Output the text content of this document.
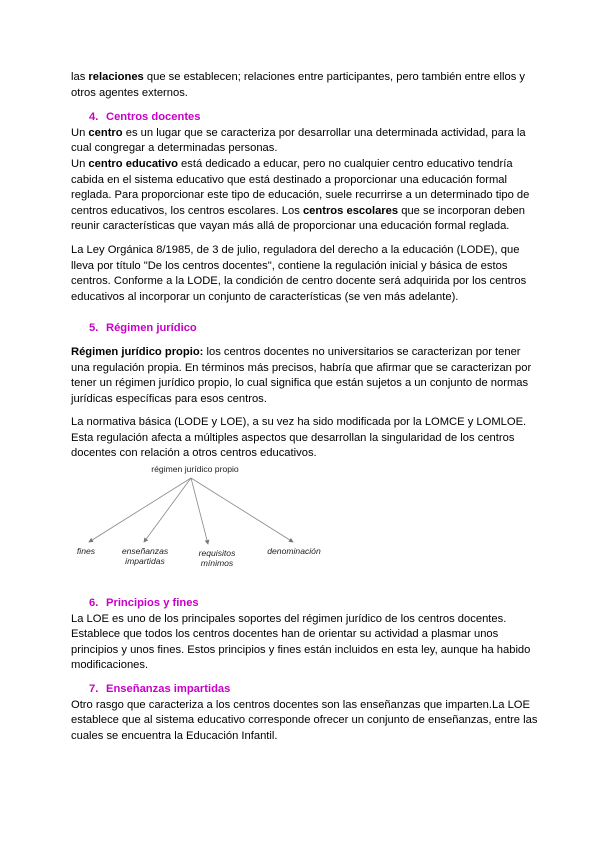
las relaciones que se establecen; relaciones entre participantes, pero también entre ellos y otros agentes externos.

4. Centros docentes

Un centro es un lugar que se caracteriza por desarrollar una determinada actividad, para la cual congregar a determinadas personas.

Un centro educativo está dedicado a educar, pero no cualquier centro educativo tendría cabida en el sistema educativo que está destinado a proporcionar una educación formal reglada. Para proporcionar este tipo de educación, suele recurrirse a un determinado tipo de centros educativos, los centros escolares. Los centros escolares que se incorporan deben reunir características que vayan más allá de proporcionar una educación formal reglada.

La Ley Orgánica 8/1985, de 3 de julio, reguladora del derecho a la educación (LODE), que lleva por título "De los centros docentes", contiene la regulación inicial y básica de estos centros. Conforme a la LODE, la condición de centro docente será adquirida por los centros educativos al incorporar un conjunto de características (se ven más adelante).

5. Régimen jurídico

Régimen jurídico propio: los centros docentes no universitarios se caracterizan por tener una regulación propia. En términos más precisos, habría que afirmar que se caracterizan por tener un régimen jurídico propio, lo cual significa que están sujetos a un conjunto de normas jurídicas específicas para esos centros.

La normativa básica (LODE y LOE), a su vez ha sido modificada por la LOMCE y LOMLOE. Esta regulación afecta a múltiples aspectos que desarrollan la singularidad de los centros docentes con relación a otros centros educativos.

régimen jurídico propio
fines	enseñanzas
impartidas
requisitos
mínimos
denominación
6. Principios y fines

La LOE es uno de los principales soportes del régimen jurídico de los centros docentes. Establece que todos los centros docentes han de orientar su actividad a plasmar unos principios y unos fines. Estos principios y fines están incluidos en esta ley, aunque ha habido modificaciones.

7. Enseñanzas impartidas

Otro rasgo que caracteriza a los centros docentes son las enseñanzas que imparten.La LOE establece que al sistema educativo corresponde ofrecer un conjunto de enseñanzas, entre las cuales se encuentra la Educación Infantil.
